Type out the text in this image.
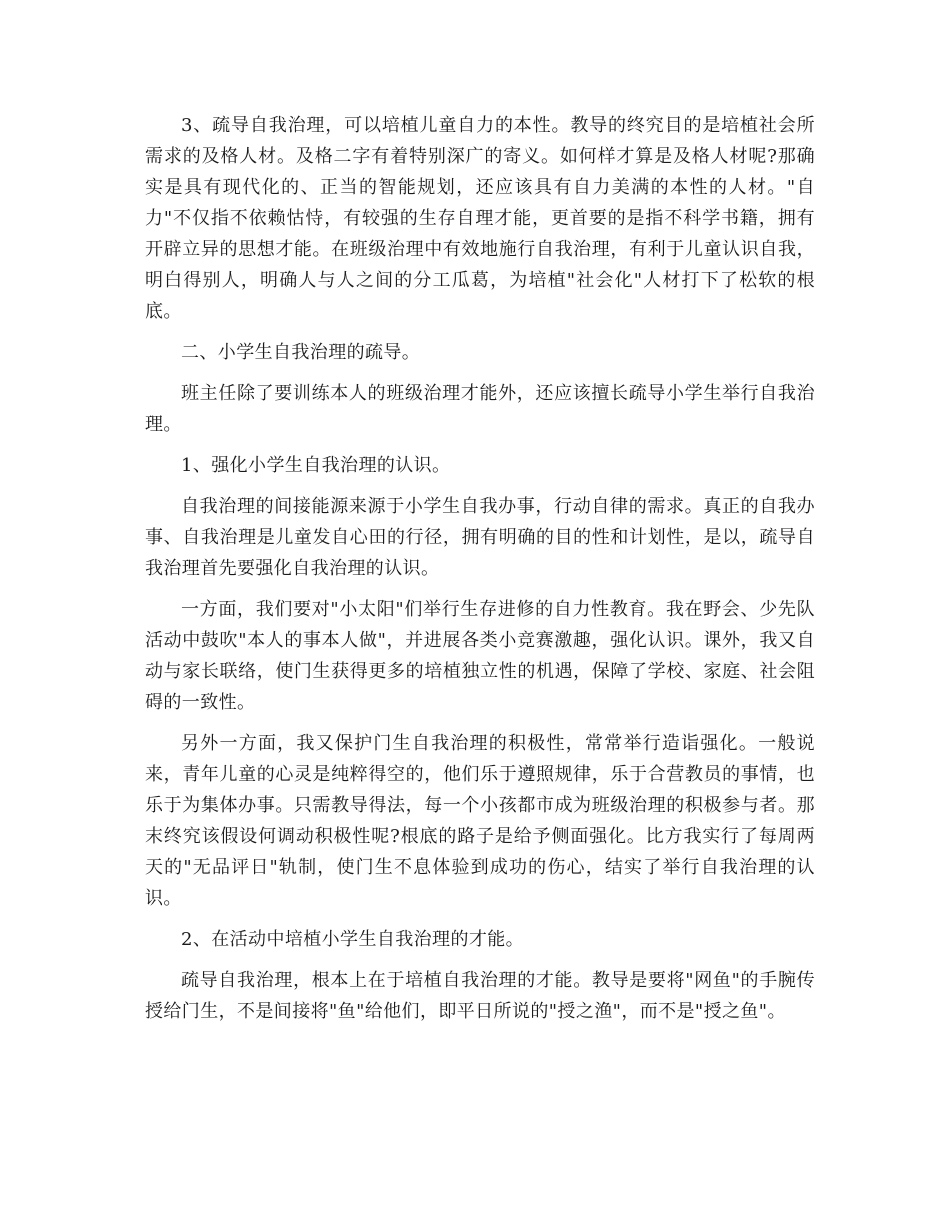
3、疏导自我治理，可以培植儿童自力的本性。教导的终究目的是培植社会所需求的及格人材。及格二字有着特别深广的寄义。如何样才算是及格人材呢?那确实是具有现代化的、正当的智能规划，还应该具有自力美满的本性的人材。"自力"不仅指不依赖怙恃，有较强的生存自理才能，更首要的是指不科学书籍，拥有开辟立异的思想才能。在班级治理中有效地施行自我治理，有利于儿童认识自我，明白得别人，明确人与人之间的分工瓜葛，为培植"社会化"人材打下了松软的根底。

二、小学生自我治理的疏导。

班主任除了要训练本人的班级治理才能外，还应该擅长疏导小学生举行自我治理。

1、强化小学生自我治理的认识。

自我治理的间接能源来源于小学生自我办事，行动自律的需求。真正的自我办事、自我治理是儿童发自心田的行径，拥有明确的目的性和计划性，是以，疏导自我治理首先要强化自我治理的认识。

一方面，我们要对"小太阳"们举行生存进修的自力性教育。我在野会、少先队活动中鼓吹"本人的事本人做"，并进展各类小竞赛激趣，强化认识。课外，我又自动与家长联络，使门生获得更多的培植独立性的机遇，保障了学校、家庭、社会阻碍的一致性。

另外一方面，我又保护门生自我治理的积极性，常常举行造诣强化。一般说来，青年儿童的心灵是纯粹得空的，他们乐于遵照规律，乐于合营教员的事情，也乐于为集体办事。只需教导得法，每一个小孩都市成为班级治理的积极参与者。那末终究该假设何调动积极性呢?根底的路子是给予侧面强化。比方我实行了每周两天的"无品评日"轨制，使门生不息体验到成功的伤心，结实了举行自我治理的认识。

2、在活动中培植小学生自我治理的才能。

疏导自我治理，根本上在于培植自我治理的才能。教导是要将"网鱼"的手腕传授给门生，不是间接将"鱼"给他们，即平日所说的"授之渔"，而不是"授之鱼"。
